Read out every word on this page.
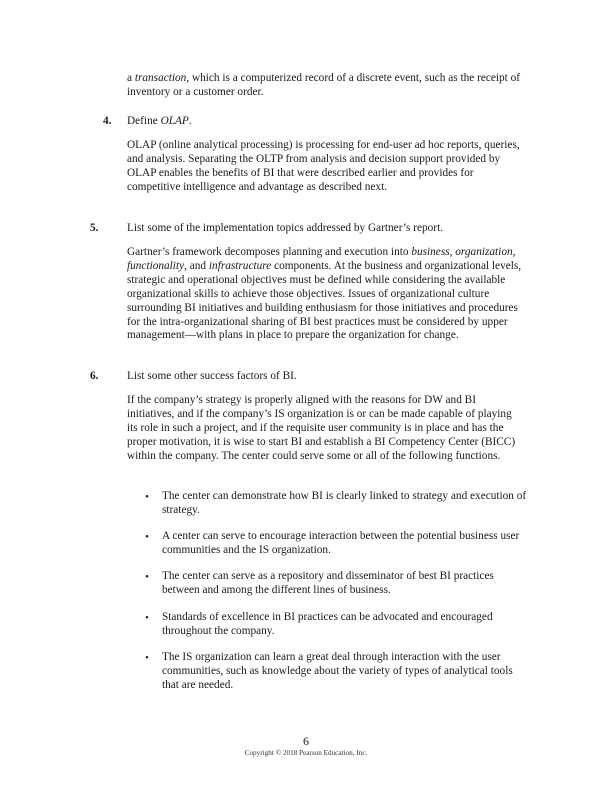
a transaction, which is a computerized record of a discrete event, such as the receipt of inventory or a customer order.
4. Define OLAP.
OLAP (online analytical processing) is processing for end-user ad hoc reports, queries, and analysis. Separating the OLTP from analysis and decision support provided by OLAP enables the benefits of BI that were described earlier and provides for competitive intelligence and advantage as described next.
5.	List some of the implementation topics addressed by Gartner’s report.
Gartner’s framework decomposes planning and execution into business, organization, functionality, and infrastructure components. At the business and organizational levels, strategic and operational objectives must be defined while considering the available organizational skills to achieve those objectives. Issues of organizational culture surrounding BI initiatives and building enthusiasm for those initiatives and procedures for the intra-organizational sharing of BI best practices must be considered by upper management—with plans in place to prepare the organization for change.
6.	List some other success factors of BI.
If the company’s strategy is properly aligned with the reasons for DW and BI initiatives, and if the company’s IS organization is or can be made capable of playing its role in such a project, and if the requisite user community is in place and has the proper motivation, it is wise to start BI and establish a BI Competency Center (BICC) within the company. The center could serve some or all of the following functions.
• The center can demonstrate how BI is clearly linked to strategy and execution of strategy.
• A center can serve to encourage interaction between the potential business user communities and the IS organization.
• The center can serve as a repository and disseminator of best BI practices between and among the different lines of business.
• Standards of excellence in BI practices can be advocated and encouraged throughout the company.
• The IS organization can learn a great deal through interaction with the user communities, such as knowledge about the variety of types of analytical tools that are needed.
6
Copyright © 2018 Pearson Education, Inc.
